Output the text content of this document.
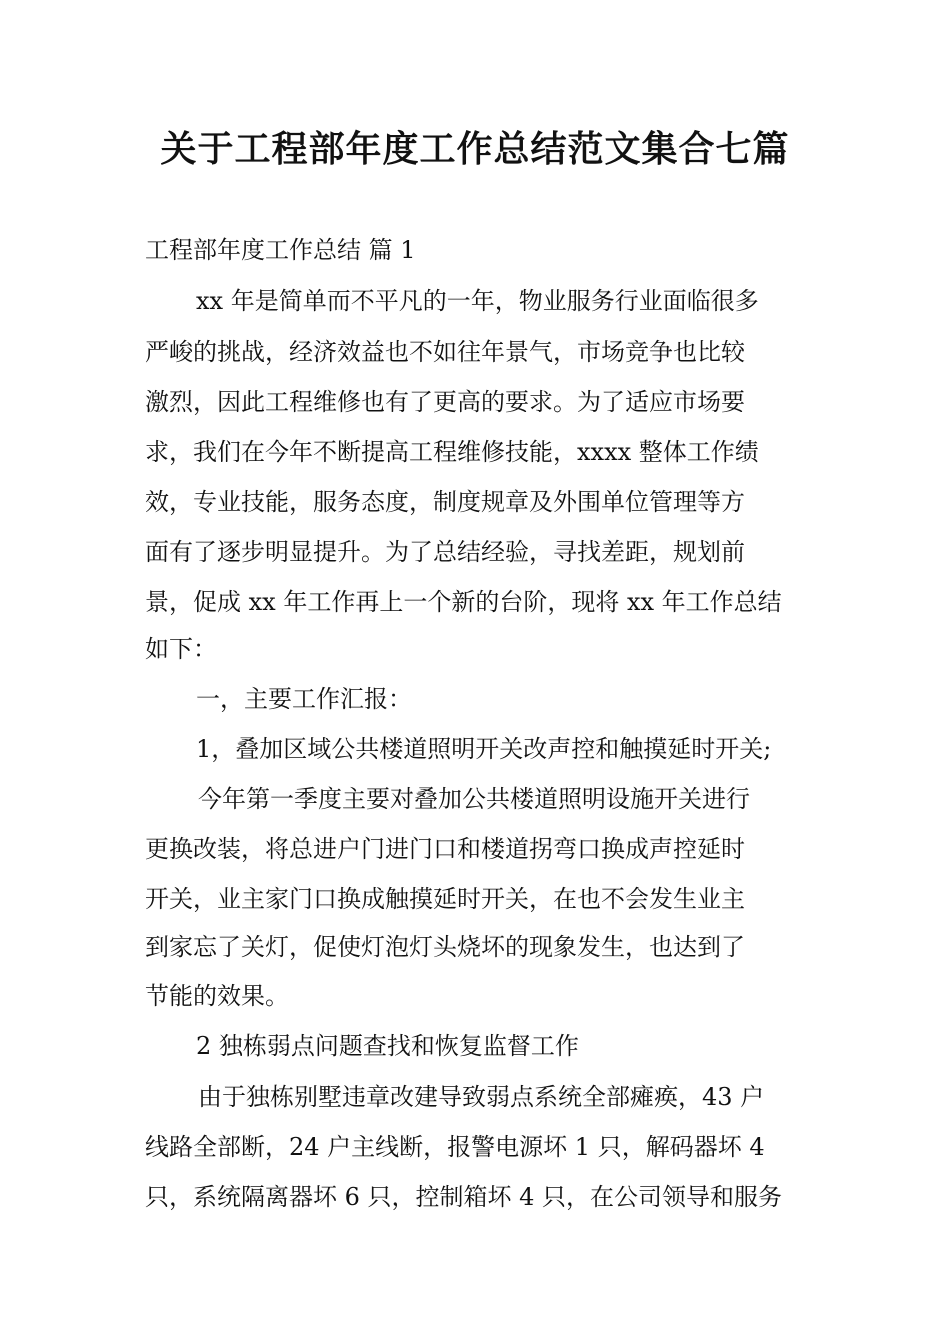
关于工程部年度工作总结范文集合七篇

工程部年度工作总结 篇 1

xx 年是简单而不平凡的一年，物业服务行业面临很多

严峻的挑战，经济效益也不如往年景气，市场竞争也比较

激烈，因此工程维修也有了更高的要求。为了适应市场要

求，我们在今年不断提高工程维修技能，xxxx 整体工作绩

效，专业技能，服务态度，制度规章及外围单位管理等方

面有了逐步明显提升。为了总结经验，寻找差距，规划前

景，促成 xx 年工作再上一个新的台阶，现将 xx 年工作总结

如下：

一，主要工作汇报：

1，叠加区域公共楼道照明开关改声控和触摸延时开关;

今年第一季度主要对叠加公共楼道照明设施开关进行

更换改装，将总进户门进门口和楼道拐弯口换成声控延时

开关，业主家门口换成触摸延时开关，在也不会发生业主

到家忘了关灯，促使灯泡灯头烧坏的现象发生，也达到了

节能的效果。

2 独栋弱点问题查找和恢复监督工作

由于独栋别墅违章改建导致弱点系统全部瘫痪，43 户

线路全部断，24 户主线断，报警电源坏 1 只，解码器坏 4

只，系统隔离器坏 6 只，控制箱坏 4 只，在公司领导和服务
